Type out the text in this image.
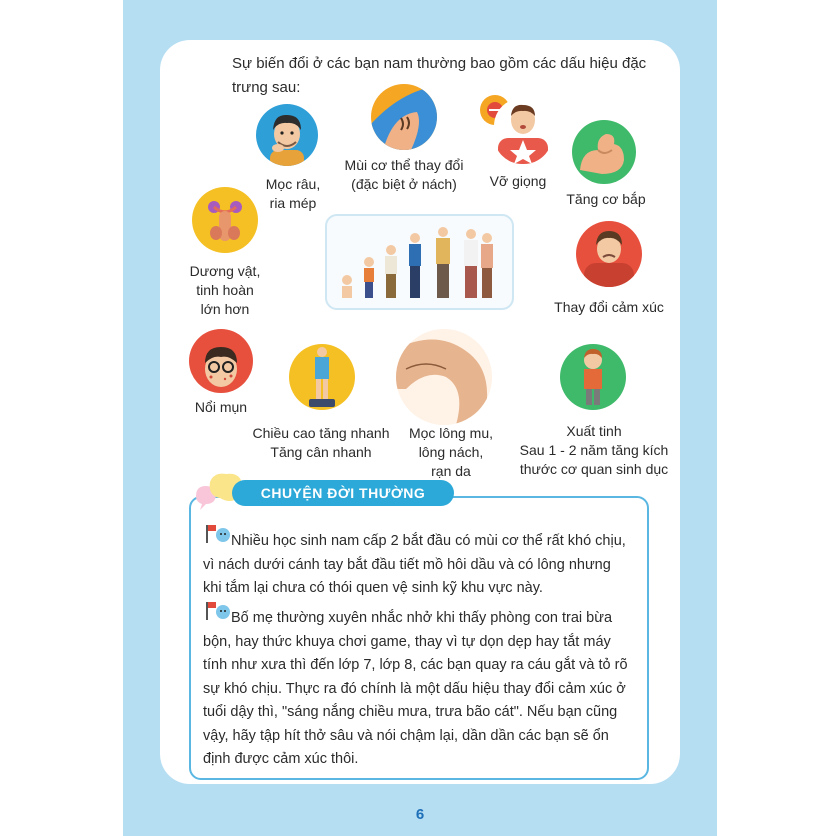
Sự biến đổi ở các bạn nam thường bao gồm các dấu hiệu đặc trưng sau:
Mọc râu,
ria mép
Mùi cơ thể thay đổi
(đặc biệt ở nách)	Vỡ giọng
Tăng cơ bắp
Dương vật,
tinh hoàn
lớn hơn	Thay đổi cảm xúc
Nổi mụn
Chiều cao tăng nhanh
Tăng cân nhanh
Mọc lông mu,
lông nách,
rạn da
Xuất tinh
Sau 1 - 2 năm tăng kích
thước cơ quan sinh dục
CHUYỆN ĐỜI THƯỜNG
Nhiều học sinh nam cấp 2 bắt đầu có mùi cơ thể rất khó chịu, vì nách dưới cánh tay bắt đầu tiết mồ hôi dầu và có lông nhưng khi tắm lại chưa có thói quen vệ sinh kỹ khu vực này.
Bố mẹ thường xuyên nhắc nhở khi thấy phòng con trai bừa bộn, hay thức khuya chơi game, thay vì tự dọn dẹp hay tắt máy tính như xưa thì đến lớp 7, lớp 8, các bạn quay ra cáu gắt và tỏ rõ sự khó chịu. Thực ra đó chính là một dấu hiệu thay đổi cảm xúc ở tuổi dậy thì, "sáng nắng chiều mưa, trưa bão cát". Nếu bạn cũng vậy, hãy tập hít thở sâu và nói chậm lại, dần dần các bạn sẽ ổn định được cảm xúc thôi.
6
